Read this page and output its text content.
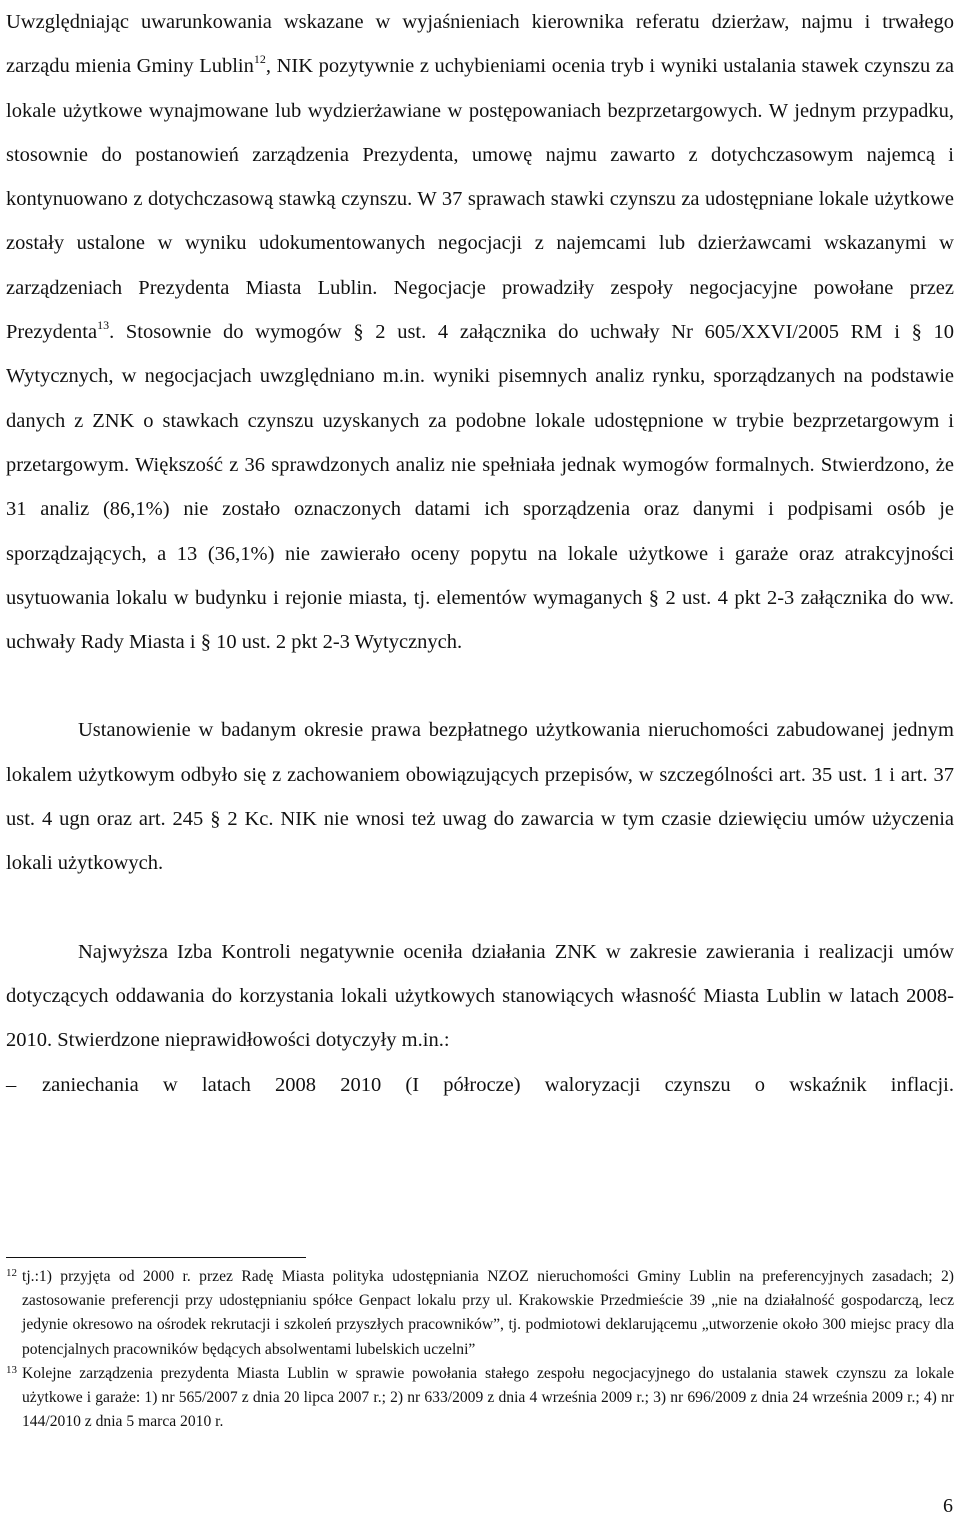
Uwzględniając uwarunkowania wskazane w wyjaśnieniach kierownika referatu dzierżaw, najmu i trwałego zarządu mienia Gminy Lublin$^{12}$, NIK pozytywnie z uchybieniami ocenia tryb i wyniki ustalania stawek czynszu za lokale użytkowe wynajmowane lub wydzierżawiane w postępowaniach bezprzetargowych. W jednym przypadku, stosownie do postanowień zarządzenia Prezydenta, umowę najmu zawarto z dotychczasowym najemcą i kontynuowano z dotychczasową stawką czynszu. W 37 sprawach stawki czynszu za udostępniane lokale użytkowe zostały ustalone w wyniku udokumentowanych negocjacji z najemcami lub dzierżawcami wskazanymi w zarządzeniach Prezydenta Miasta Lublin. Negocjacje prowadziły zespoły negocjacyjne powołane przez Prezydenta$^{13}$. Stosownie do wymogów § 2 ust. 4 załącznika do uchwały Nr 605/XXVI/2005 RM i § 10 Wytycznych, w negocjacjach uwzględniano m.in. wyniki pisemnych analiz rynku, sporządzanych na podstawie danych z ZNK o stawkach czynszu uzyskanych za podobne lokale udostępnione w trybie bezprzetargowym i przetargowym. Większość z 36 sprawdzonych analiz nie spełniała jednak wymogów formalnych. Stwierdzono, że 31 analiz (86,1%) nie zostało oznaczonych datami ich sporządzenia oraz danymi i podpisami osób je sporządzających, a 13 (36,1%) nie zawierało oceny popytu na lokale użytkowe i garaże oraz atrakcyjności usytuowania lokalu w budynku i rejonie miasta, tj. elementów wymaganych § 2 ust. 4 pkt 2-3 załącznika do ww. uchwały Rady Miasta i § 10 ust. 2 pkt 2-3 Wytycznych.

Ustanowienie w badanym okresie prawa bezpłatnego użytkowania nieruchomości zabudowanej jednym lokalem użytkowym odbyło się z zachowaniem obowiązujących przepisów, w szczególności art. 35 ust. 1 i art. 37 ust. 4 ugn oraz art. 245 § 2 Kc. NIK nie wnosi też uwag do zawarcia w tym czasie dziewięciu umów użyczenia lokali użytkowych.

Najwyższa Izba Kontroli negatywnie oceniła działania ZNK w zakresie zawierania i realizacji umów dotyczących oddawania do korzystania lokali użytkowych stanowiących własność Miasta Lublin w latach 2008-2010. Stwierdzone nieprawidłowości dotyczyły m.in.:

–	zaniechania w latach 2008 2010 (I półrocze) waloryzacji czynszu o wskaźnik inflacji.
12 tj.:1) przyjęta od 2000 r. przez Radę Miasta polityka udostępniania NZOZ nieruchomości Gminy Lublin na preferencyjnych zasadach; 2) zastosowanie preferencji przy udostępnianiu spółce Genpact lokalu przy ul. Krakowskie Przedmieście 39 „nie na działalność gospodarczą, lecz jedynie okresowo na ośrodek rekrutacji i szkoleń przyszłych pracowników”, tj. podmiotowi deklarującemu „utworzenie około 300 miejsc pracy dla potencjalnych pracowników będących absolwentami lubelskich uczelni”
13 Kolejne zarządzenia prezydenta Miasta Lublin w sprawie powołania stałego zespołu negocjacyjnego do ustalania stawek czynszu za lokale użytkowe i garaże: 1) nr 565/2007 z dnia 20 lipca 2007 r.; 2) nr 633/2009 z dnia 4 września 2009 r.; 3) nr 696/2009 z dnia 24 września 2009 r.; 4) nr 144/2010 z dnia 5 marca 2010 r.
6
